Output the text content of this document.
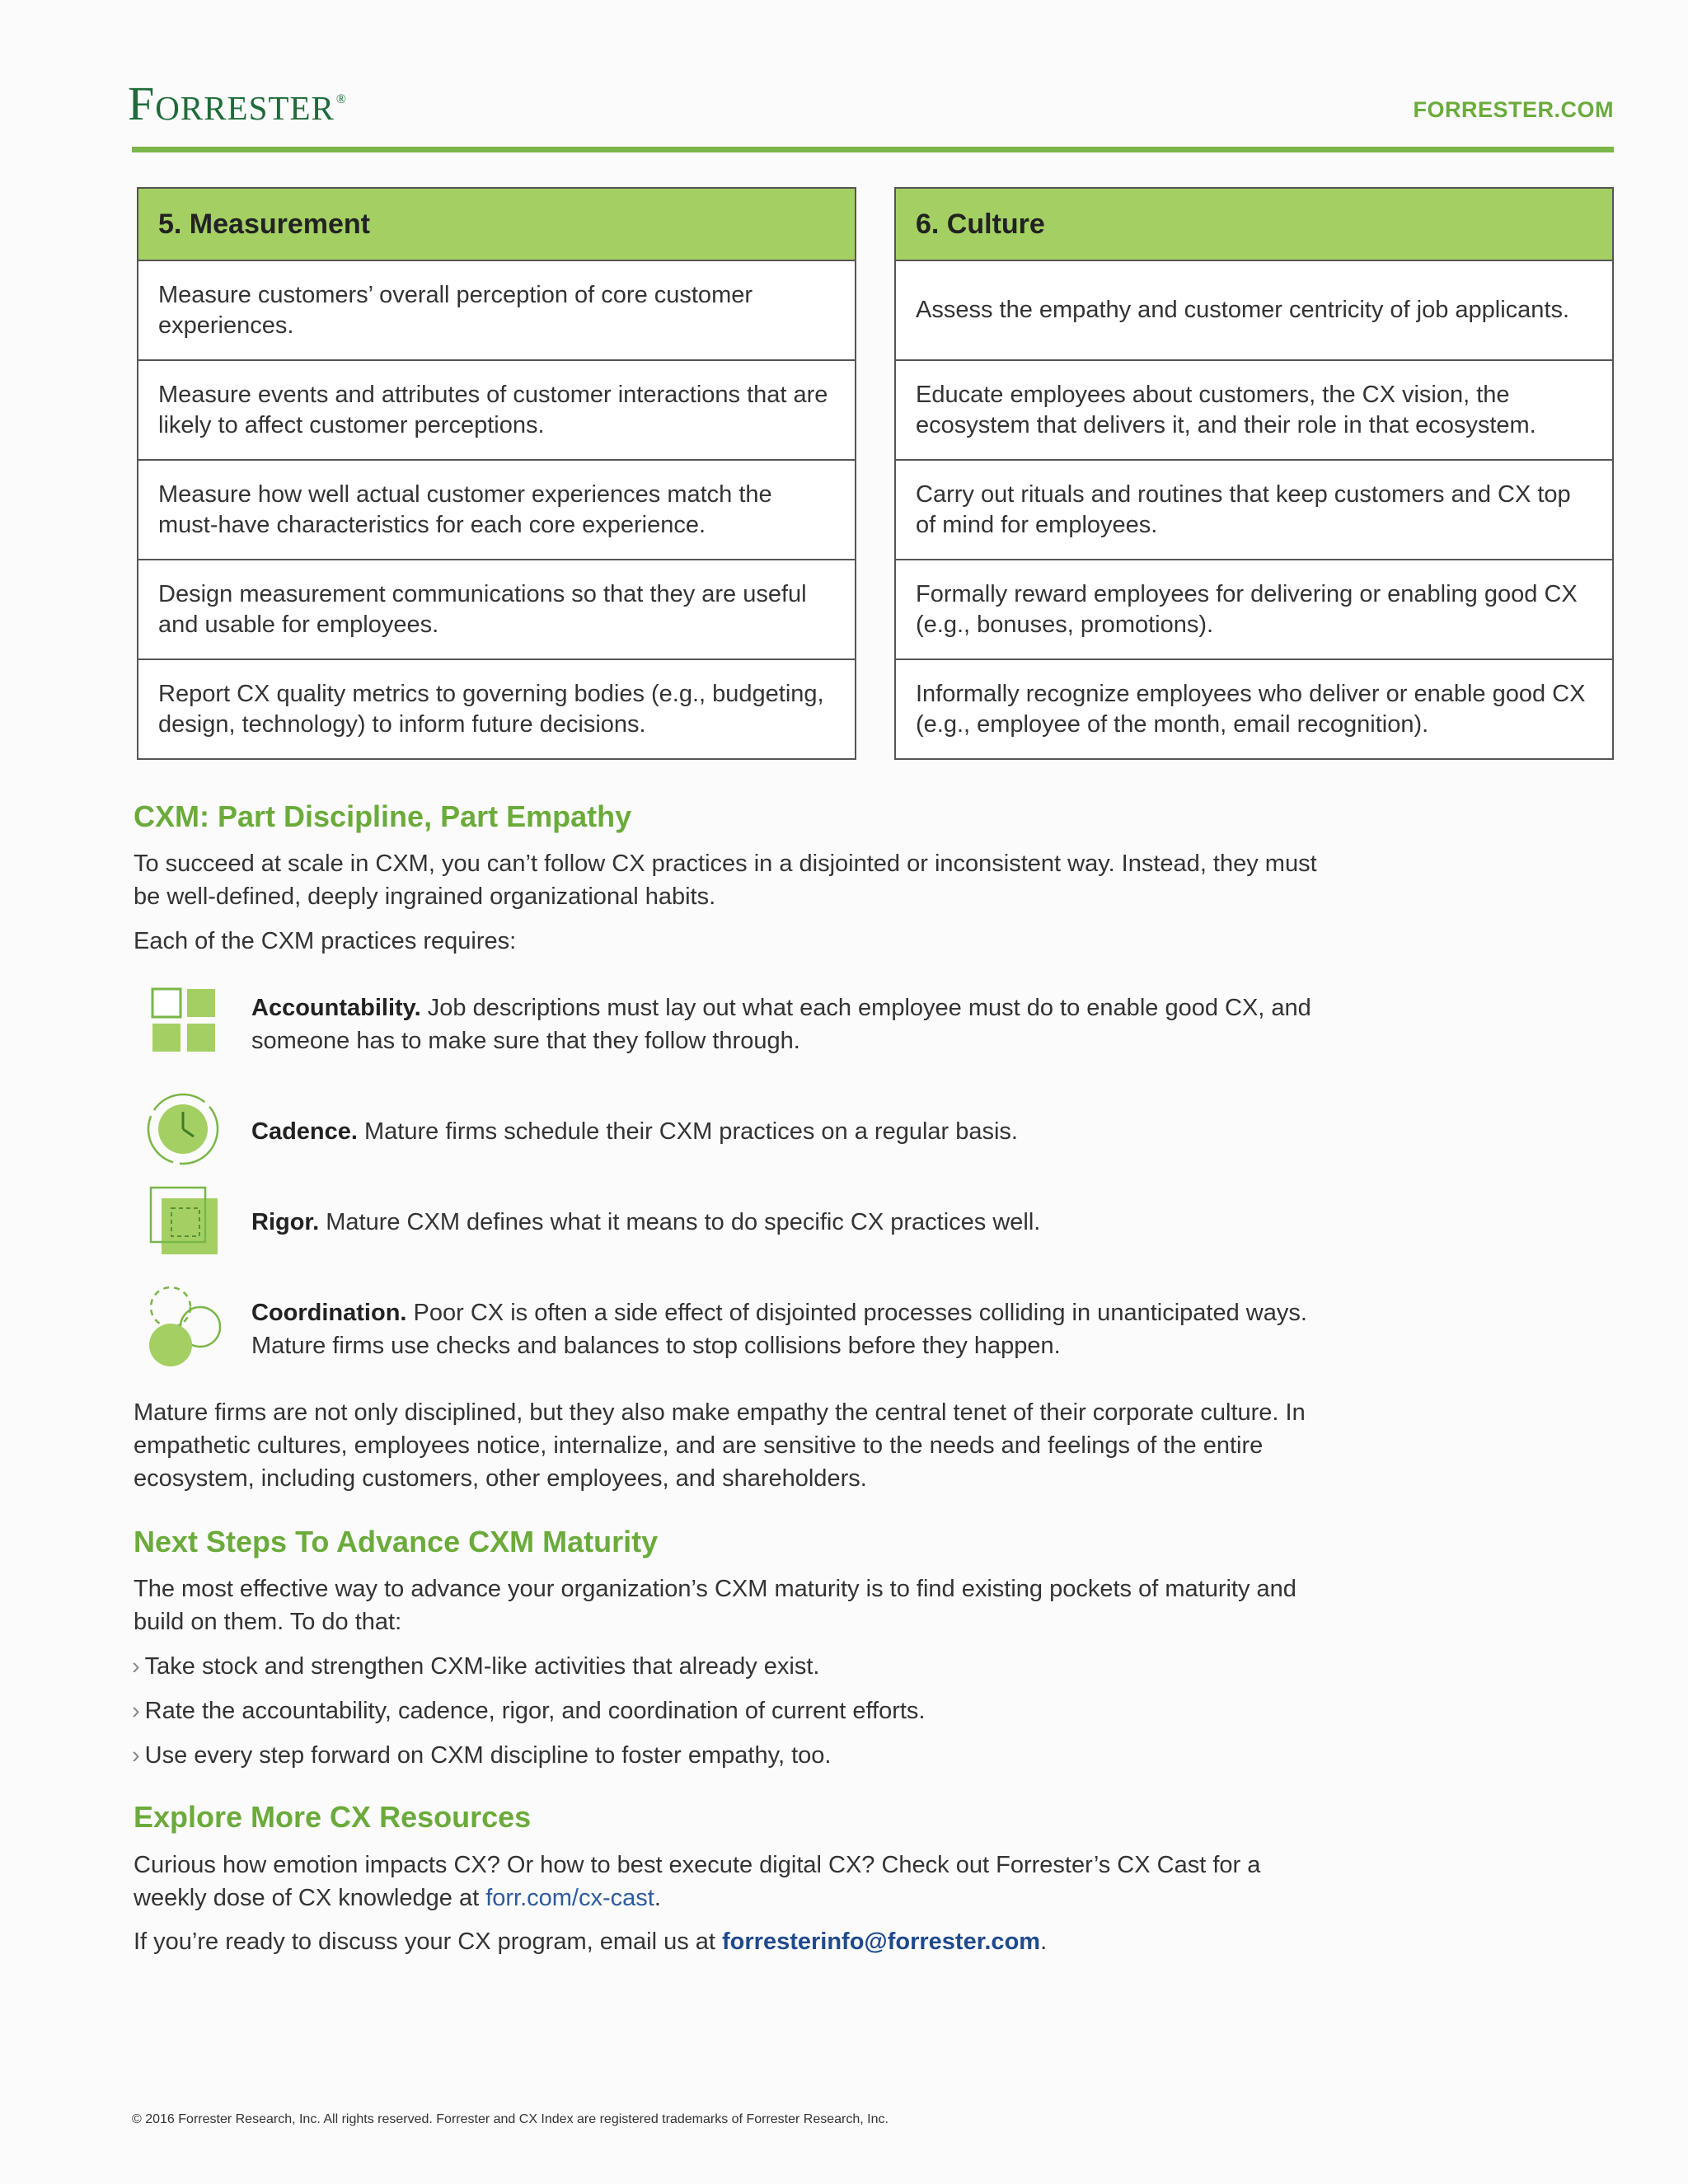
Forrester ®	FORRESTER.COM
5. Measurement
Measure customers’ overall perception of core customer experiences.
Measure events and attributes of customer interactions that are likely to affect customer perceptions.
Measure how well actual customer experiences match the must-have characteristics for each core experience.
Design measurement communications so that they are useful and usable for employees.
Report CX quality metrics to governing bodies (e.g., budgeting, design, technology) to inform future decisions.
6. Culture
Assess the empathy and customer centricity of job applicants.
Educate employees about customers, the CX vision, the ecosystem that delivers it, and their role in that ecosystem.
Carry out rituals and routines that keep customers and CX top of mind for employees.
Formally reward employees for delivering or enabling good CX (e.g., bonuses, promotions).
Informally recognize employees who deliver or enable good CX (e.g., employee of the month, email recognition).
CXM: Part Discipline, Part Empathy

To succeed at scale in CXM, you can’t follow CX practices in a disjointed or inconsistent way. Instead, they must be well-defined, deeply ingrained organizational habits.

Each of the CXM practices requires:

Accountability. Job descriptions must lay out what each employee must do to enable good CX, and someone has to make sure that they follow through.

Cadence. Mature firms schedule their CXM practices on a regular basis.

Rigor. Mature CXM defines what it means to do specific CX practices well.

Coordination. Poor CX is often a side effect of disjointed processes colliding in unanticipated ways. Mature firms use checks and balances to stop collisions before they happen.

Mature firms are not only disciplined, but they also make empathy the central tenet of their corporate culture. In empathetic cultures, employees notice, internalize, and are sensitive to the needs and feelings of the entire ecosystem, including customers, other employees, and shareholders.

Next Steps To Advance CXM Maturity

The most effective way to advance your organization’s CXM maturity is to find existing pockets of maturity and build on them. To do that:

› Take stock and strengthen CXM-like activities that already exist.
› Rate the accountability, cadence, rigor, and coordination of current efforts.
› Use every step forward on CXM discipline to foster empathy, too.
Explore More CX Resources

Curious how emotion impacts CX? Or how to best execute digital CX? Check out Forrester’s CX Cast for a weekly dose of CX knowledge at forr.com/cx-cast.

If you’re ready to discuss your CX program, email us at forresterinfo@forrester.com.

© 2016 Forrester Research, Inc. All rights reserved. Forrester and CX Index are registered trademarks of Forrester Research, Inc.
